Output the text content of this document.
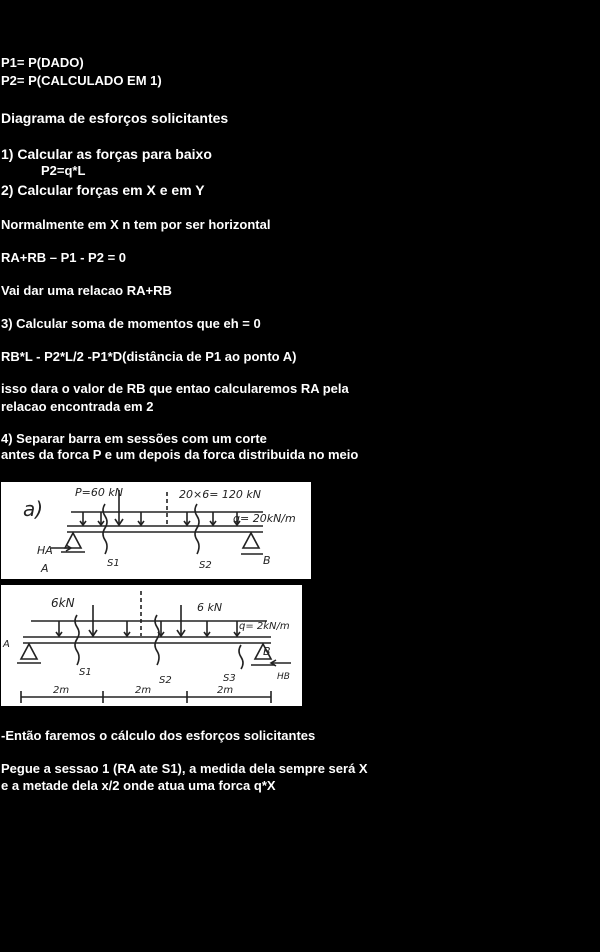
P1= P(DADO)
P2= P(CALCULADO EM 1)
Diagrama de esforços solicitantes
1) Calcular as forças para baixo
P2=q*L
2) Calcular forças em X e em Y
Normalmente em X n tem por ser horizontal
RA+RB – P1 - P2 = 0
Vai dar uma relacao RA+RB
3) Calcular soma de momentos que eh = 0
RB*L - P2*L/2 -P1*D(distância de P1 ao ponto A)
isso dara o valor de RB que entao calcularemos RA pela
relacao encontrada em 2
4) Separar barra em sessões com um corte
antes da forca P e um depois da forca distribuida no meio
a)
P=60 kN	20×6= 120 kN
q= 20kN/m
HA
A
B
S1	S2
6kN	6 kN
q= 2kN/m
A
B
HB
S1
S2	S3
2m	2m	2m
-Então faremos o cálculo dos esforços solicitantes
Pegue a sessao 1 (RA ate S1), a medida dela sempre será X
e a metade dela x/2 onde atua uma forca q*X
